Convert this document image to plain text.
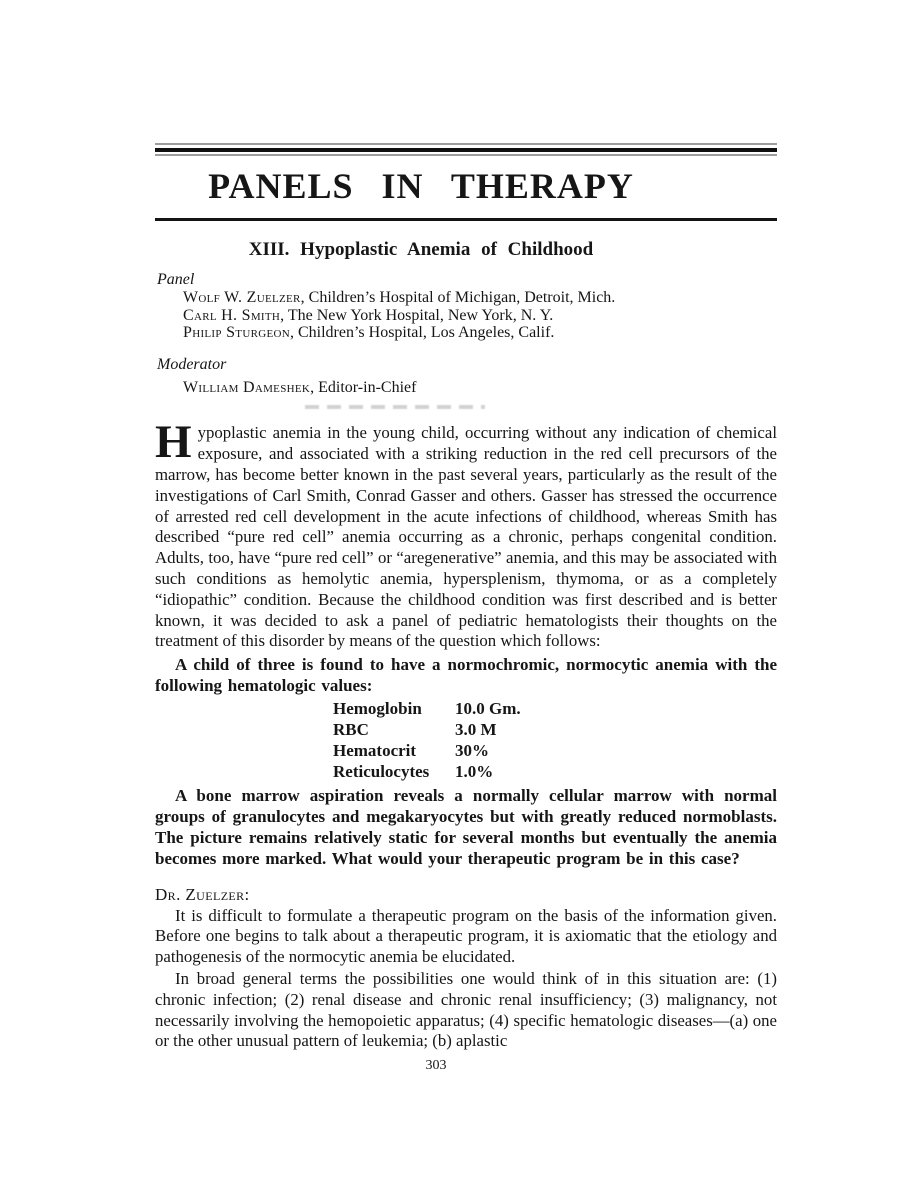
PANELS IN THERAPY
XIII. Hypoplastic Anemia of Childhood
Panel
Wolf W. Zuelzer, Children’s Hospital of Michigan, Detroit, Mich.
Carl H. Smith, The New York Hospital, New York, N. Y.
Philip Sturgeon, Children’s Hospital, Los Angeles, Calif.
Moderator
William Dameshek, Editor-in-Chief
Hypoplastic anemia in the young child, occurring without any indication of chemical exposure, and associated with a striking reduction in the red cell precursors of the marrow, has become better known in the past several years, particularly as the result of the investigations of Carl Smith, Conrad Gasser and others. Gasser has stressed the occurrence of arrested red cell development in the acute infections of childhood, whereas Smith has described “pure red cell” anemia occurring as a chronic, perhaps congenital condition. Adults, too, have “pure red cell” or “aregenerative” anemia, and this may be associated with such conditions as hemolytic anemia, hypersplenism, thymoma, or as a completely “idiopathic” condition. Because the childhood condition was first described and is better known, it was decided to ask a panel of pediatric hematologists their thoughts on the treatment of this disorder by means of the question which follows:
A child of three is found to have a normochromic, normocytic anemia with the following hematologic values:
Hemoglobin	10.0 Gm.
RBC	3.0 M
Hematocrit	30%
Reticulocytes	1.0%
A bone marrow aspiration reveals a normally cellular marrow with normal groups of granulocytes and megakaryocytes but with greatly reduced normoblasts. The picture remains relatively static for several months but eventually the anemia becomes more marked. What would your therapeutic program be in this case?
Dr. Zuelzer:
It is difficult to formulate a therapeutic program on the basis of the information given. Before one begins to talk about a therapeutic program, it is axiomatic that the etiology and pathogenesis of the normocytic anemia be elucidated.
In broad general terms the possibilities one would think of in this situation are: (1) chronic infection; (2) renal disease and chronic renal insufficiency; (3) malignancy, not necessarily involving the hemopoietic apparatus; (4) specific hematologic diseases—(a) one or the other unusual pattern of leukemia; (b) aplastic
303
